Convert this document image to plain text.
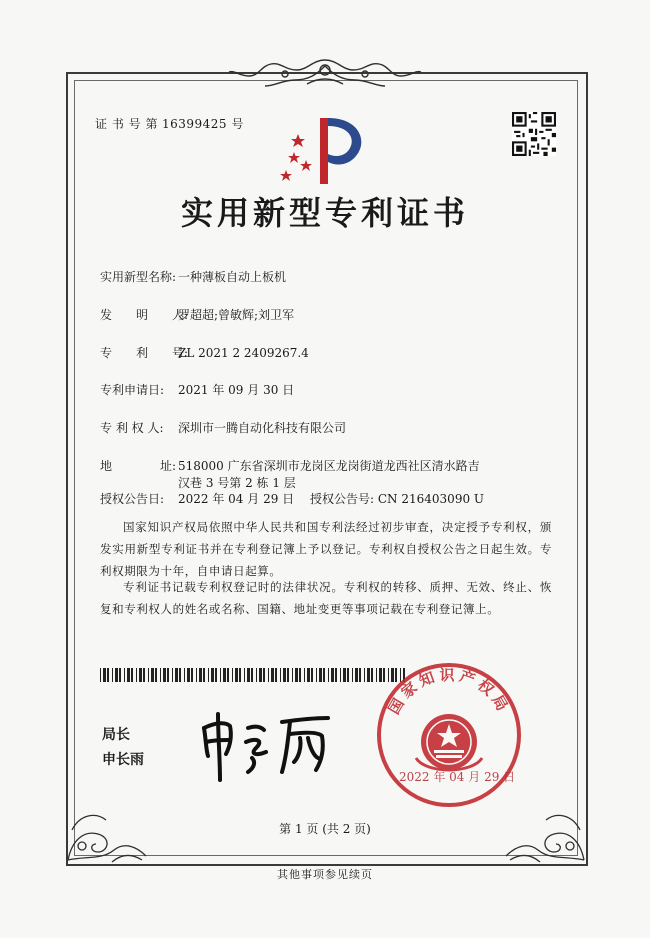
证 书 号 第 16399425 号
实用新型专利证书
实用新型名称: 一种薄板自动上板机
发　　明　　人:罗超超;曾敏辉;刘卫军
专　　利　　号:ZL 2021 2 2409267.4
专利申请日: 2021 年 09 月 30 日
专 利 权 人: 深圳市一腾自动化科技有限公司
地　　　　址: 518000 广东省深圳市龙岗区龙岗街道龙西社区清水路吉
汉巷 3 号第 2 栋 1 层
授权公告日: 2022 年 04 月 29 日 授权公告号: CN 216403090 U
国家知识产权局依照中华人民共和国专利法经过初步审查，决定授予专利权，颁发实用新型专利证书并在专利登记簿上予以登记。专利权自授权公告之日起生效。专利权期限为十年，自申请日起算。
专利证书记载专利权登记时的法律状况。专利权的转移、质押、无效、终止、恢复和专利权人的姓名或名称、国籍、地址变更等事项记载在专利登记簿上。
局长
申长雨
国家知识产权局
2022 年 04 月 29 日
第 1 页 (共 2 页)
其他事项参见续页
